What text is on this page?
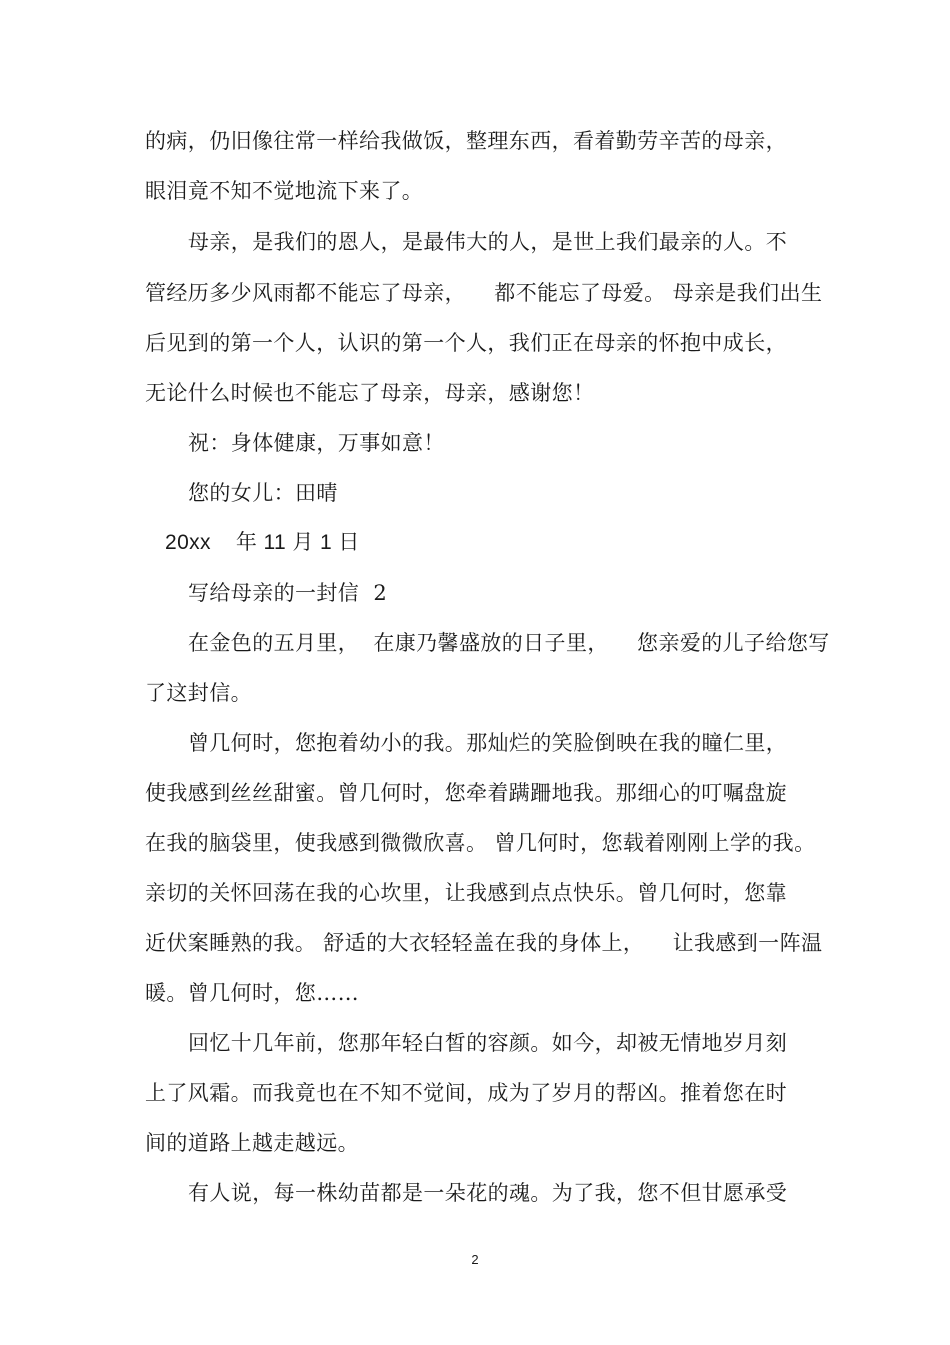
的病，仍旧像往常一样给我做饭，整理东西，看着勤劳辛苦的母亲，
眼泪竟不知不觉地流下来了。
母亲，是我们的恩人，是最伟大的人，是世上我们最亲的人。不
管经历多少风雨都不能忘了母亲，    都不能忘了母爱。 母亲是我们出生
后见到的第一个人，认识的第一个人，我们正在母亲的怀抱中成长，
无论什么时候也不能忘了母亲，母亲，感谢您！
祝：身体健康，万事如意！
您的女儿：田晴
20xx    年 11 月 1 日
写给母亲的一封信  2
在金色的五月里，  在康乃馨盛放的日子里，    您亲爱的儿子给您写
了这封信。
曾几何时，您抱着幼小的我。那灿烂的笑脸倒映在我的瞳仁里，
使我感到丝丝甜蜜。曾几何时，您牵着蹒跚地我。那细心的叮嘱盘旋
在我的脑袋里，使我感到微微欣喜。 曾几何时，您载着刚刚上学的我。
亲切的关怀回荡在我的心坎里，让我感到点点快乐。曾几何时，您靠
近伏案睡熟的我。 舒适的大衣轻轻盖在我的身体上，    让我感到一阵温
暖。曾几何时，您……
回忆十几年前，您那年轻白皙的容颜。如今，却被无情地岁月刻
上了风霜。而我竟也在不知不觉间，成为了岁月的帮凶。推着您在时
间的道路上越走越远。
有人说，每一株幼苗都是一朵花的魂。为了我，您不但甘愿承受
2
